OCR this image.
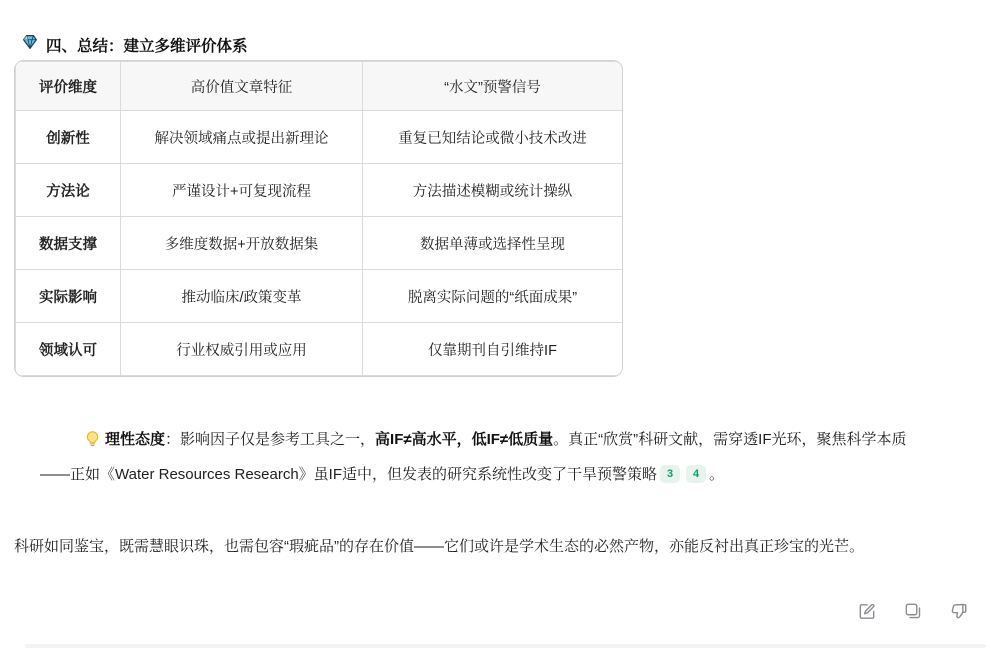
四、总结：建立多维评价体系
评价维度	高价值文章特征	“水文”预警信号
创新性	解决领域痛点或提出新理论	重复已知结论或微小技术改进
方法论	严谨设计+可复现流程	方法描述模糊或统计操纵
数据支撑	多维度数据+开放数据集	数据单薄或选择性呈现
实际影响	推动临床/政策变革	脱离实际问题的“纸面成果”
领域认可	行业权威引用或应用	仅靠期刊自引维持IF

理性态度：影响因子仅是参考工具之一，高IF≠高水平，低IF≠低质量。真正“欣赏”科研文献，需穿透IF光环，聚焦科学本质——正如《Water Resources Research》虽IF适中，但发表的研究系统性改变了干旱预警策略 3 4 。

科研如同鉴宝，既需慧眼识珠，也需包容“瑕疵品”的存在价值——它们或许是学术生态的必然产物，亦能反衬出真正珍宝的光芒。
